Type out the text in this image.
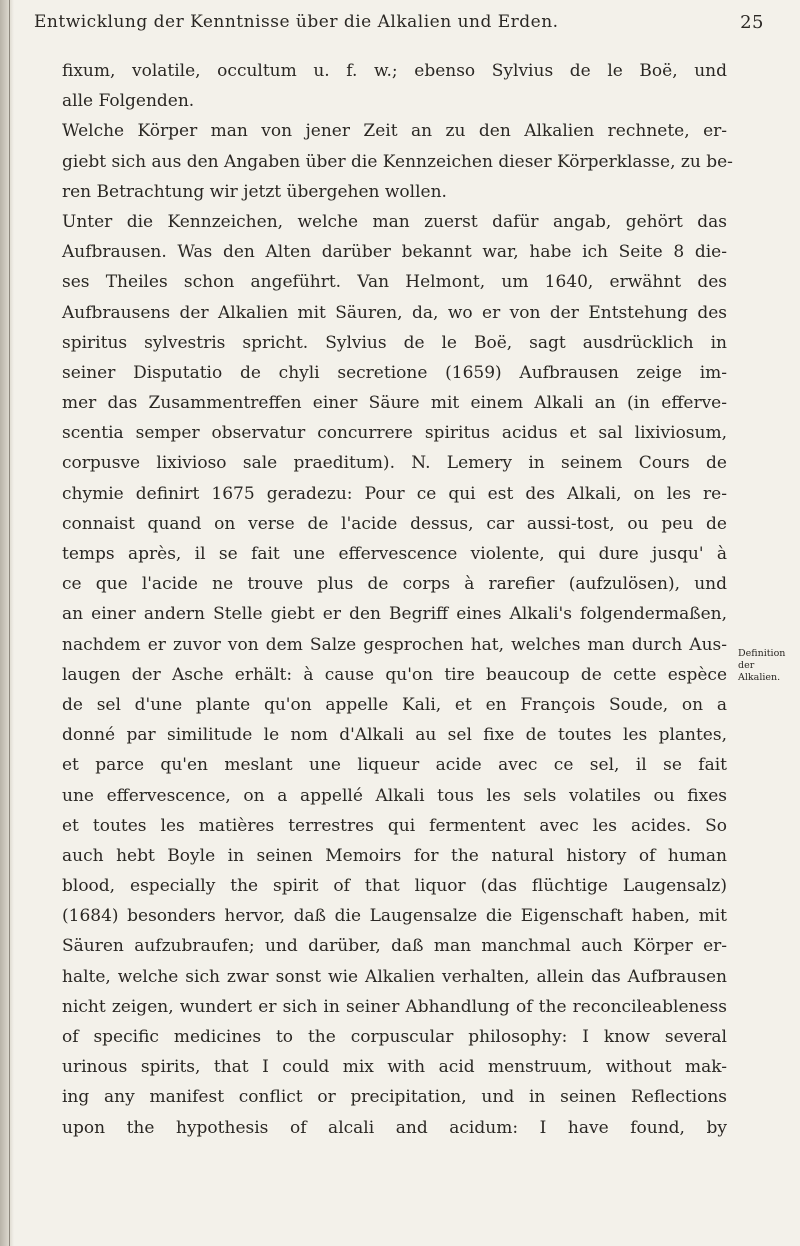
Entwicklung der Kenntnisse über die Alkalien und Erden.	25
fixum, volatile, occultum u. f. w.; ebenso Sylvius de le Boë, und
alle Folgenden.
Welche Körper man von jener Zeit an zu den Alkalien rechnete, er-
giebt sich aus den Angaben über die Kennzeichen dieser Körperklasse, zu be-
ren Betrachtung wir jetzt übergehen wollen.
Unter die Kennzeichen, welche man zuerst dafür angab, gehört das
Aufbrausen. Was den Alten darüber bekannt war, habe ich Seite 8 die-
ses Theiles schon angeführt. Van Helmont, um 1640, erwähnt des
Aufbrausens der Alkalien mit Säuren, da, wo er von der Entstehung des
spiritus sylvestris spricht. Sylvius de le Boë, sagt ausdrücklich in
seiner Disputatio de chyli secretione (1659) Aufbrausen zeige im-
mer das Zusammentreffen einer Säure mit einem Alkali an (in efferve-
scentia semper observatur concurrere spiritus acidus et sal lixiviosum,
corpusve lixivioso sale praeditum). N. Lemery in seinem Cours de
chymie definirt 1675 geradezu: Pour ce qui est des Alkali, on les re-
connaist quand on verse de l'acide dessus, car aussi-tost, ou peu de
temps après, il se fait une effervescence violente, qui dure jusqu' à
ce que l'acide ne trouve plus de corps à rarefier (aufzulösen), und
an einer andern Stelle giebt er den Begriff eines Alkali's folgendermaßen,
nachdem er zuvor von dem Salze gesprochen hat, welches man durch Aus-
laugen der Asche erhält: à cause qu'on tire beaucoup de cette espèce
de sel d'une plante qu'on appelle Kali, et en François Soude, on a
donné par similitude le nom d'Alkali au sel fixe de toutes les plantes,
et parce qu'en meslant une liqueur acide avec ce sel, il se fait
une effervescence, on a appellé Alkali tous les sels volatiles ou fixes
et toutes les matières terrestres qui fermentent avec les acides. So
auch hebt Boyle in seinen Memoirs for the natural history of human
blood, especially the spirit of that liquor (das flüchtige Laugensalz)
(1684) besonders hervor, daß die Laugensalze die Eigenschaft haben, mit
Säuren aufzubraufen; und darüber, daß man manchmal auch Körper er-
halte, welche sich zwar sonst wie Alkalien verhalten, allein das Aufbrausen
nicht zeigen, wundert er sich in seiner Abhandlung of the reconcileableness
of specific medicines to the corpuscular philosophy: I know several
urinous spirits, that I could mix with acid menstruum, without mak-
ing any manifest conflict or precipitation, und in seinen Reflections
upon the hypothesis of alcali and acidum: I have found, by
Definition der Alkalien.
